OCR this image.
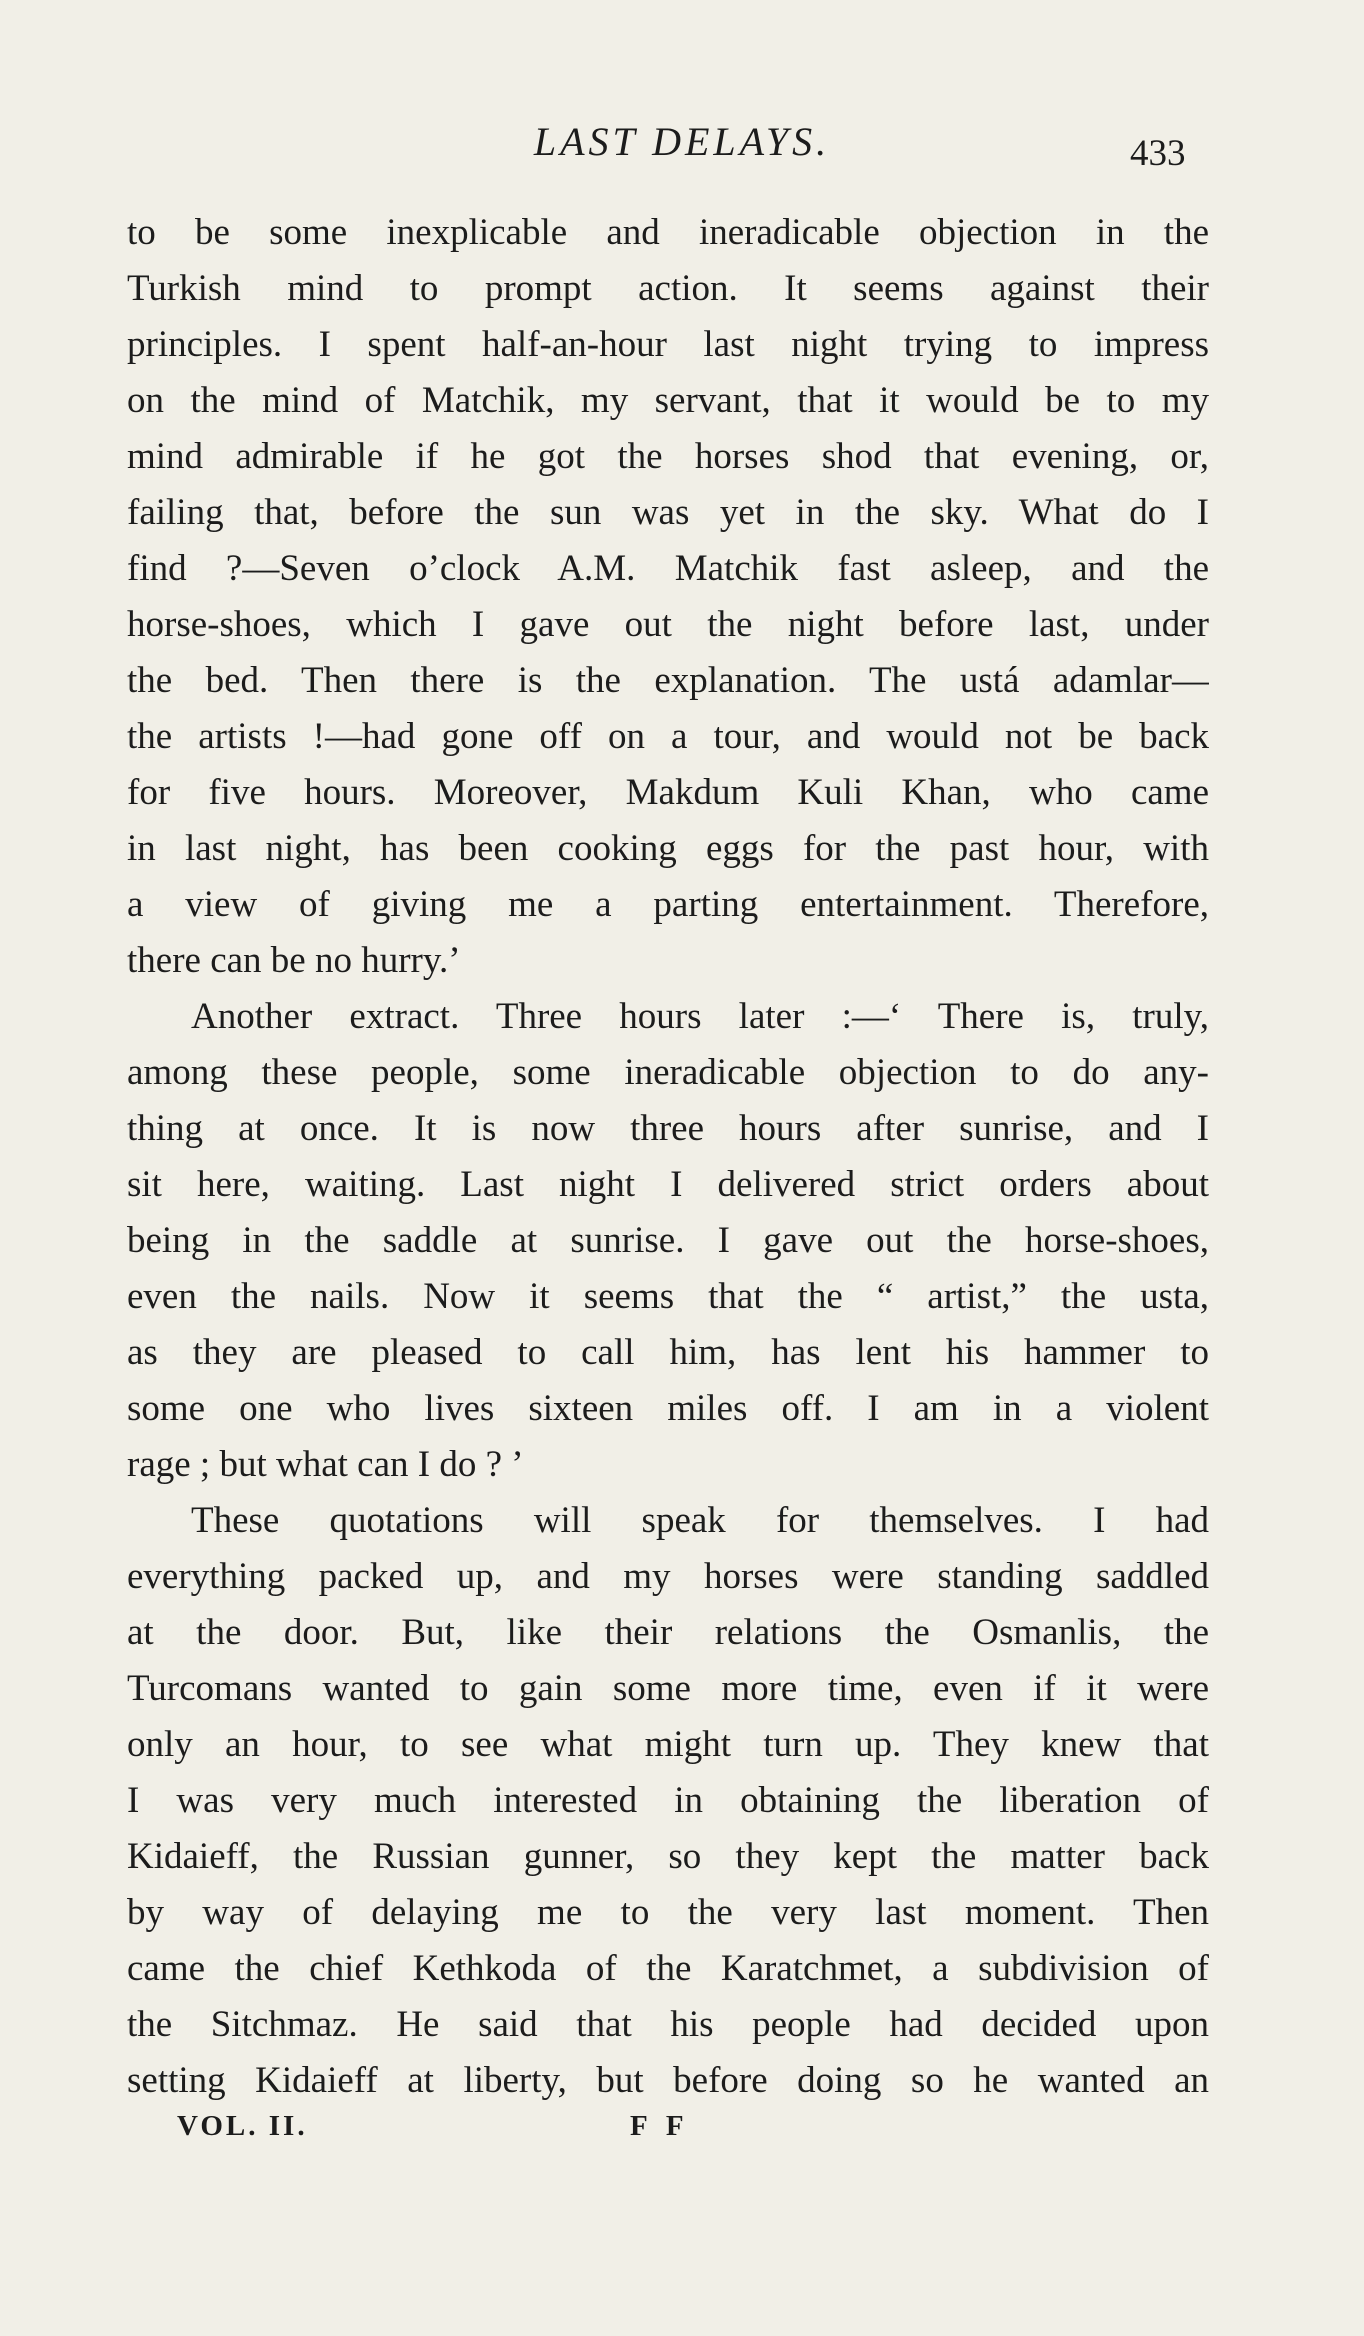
LAST DELAYS.	433
to be some inexplicable and ineradicable objection in the
Turkish mind to prompt action. It seems against their
principles. I spent half-an-hour last night trying to impress
on the mind of Matchik, my servant, that it would be to my
mind admirable if he got the horses shod that evening, or,
failing that, before the sun was yet in the sky. What do I
find ?—Seven o’clock A.M. Matchik fast asleep, and the
horse-shoes, which I gave out the night before last, under
the bed. Then there is the explanation. The ustá adamlar—
the artists !—had gone off on a tour, and would not be back
for five hours. Moreover, Makdum Kuli Khan, who came
in last night, has been cooking eggs for the past hour, with
a view of giving me a parting entertainment. Therefore,
there can be no hurry.’
Another extract. Three hours later :—‘ There is, truly,
among these people, some ineradicable objection to do any-
thing at once. It is now three hours after sunrise, and I
sit here, waiting. Last night I delivered strict orders about
being in the saddle at sunrise. I gave out the horse-shoes,
even the nails. Now it seems that the “ artist,” the usta,
as they are pleased to call him, has lent his hammer to
some one who lives sixteen miles off. I am in a violent
rage ; but what can I do ? ’
These quotations will speak for themselves. I had
everything packed up, and my horses were standing saddled
at the door. But, like their relations the Osmanlis, the
Turcomans wanted to gain some more time, even if it were
only an hour, to see what might turn up. They knew that
I was very much interested in obtaining the liberation of
Kidaieff, the Russian gunner, so they kept the matter back
by way of delaying me to the very last moment. Then
came the chief Kethkoda of the Karatchmet, a subdivision of
the Sitchmaz. He said that his people had decided upon
setting Kidaieff at liberty, but before doing so he wanted an
VOL. II.	F F
